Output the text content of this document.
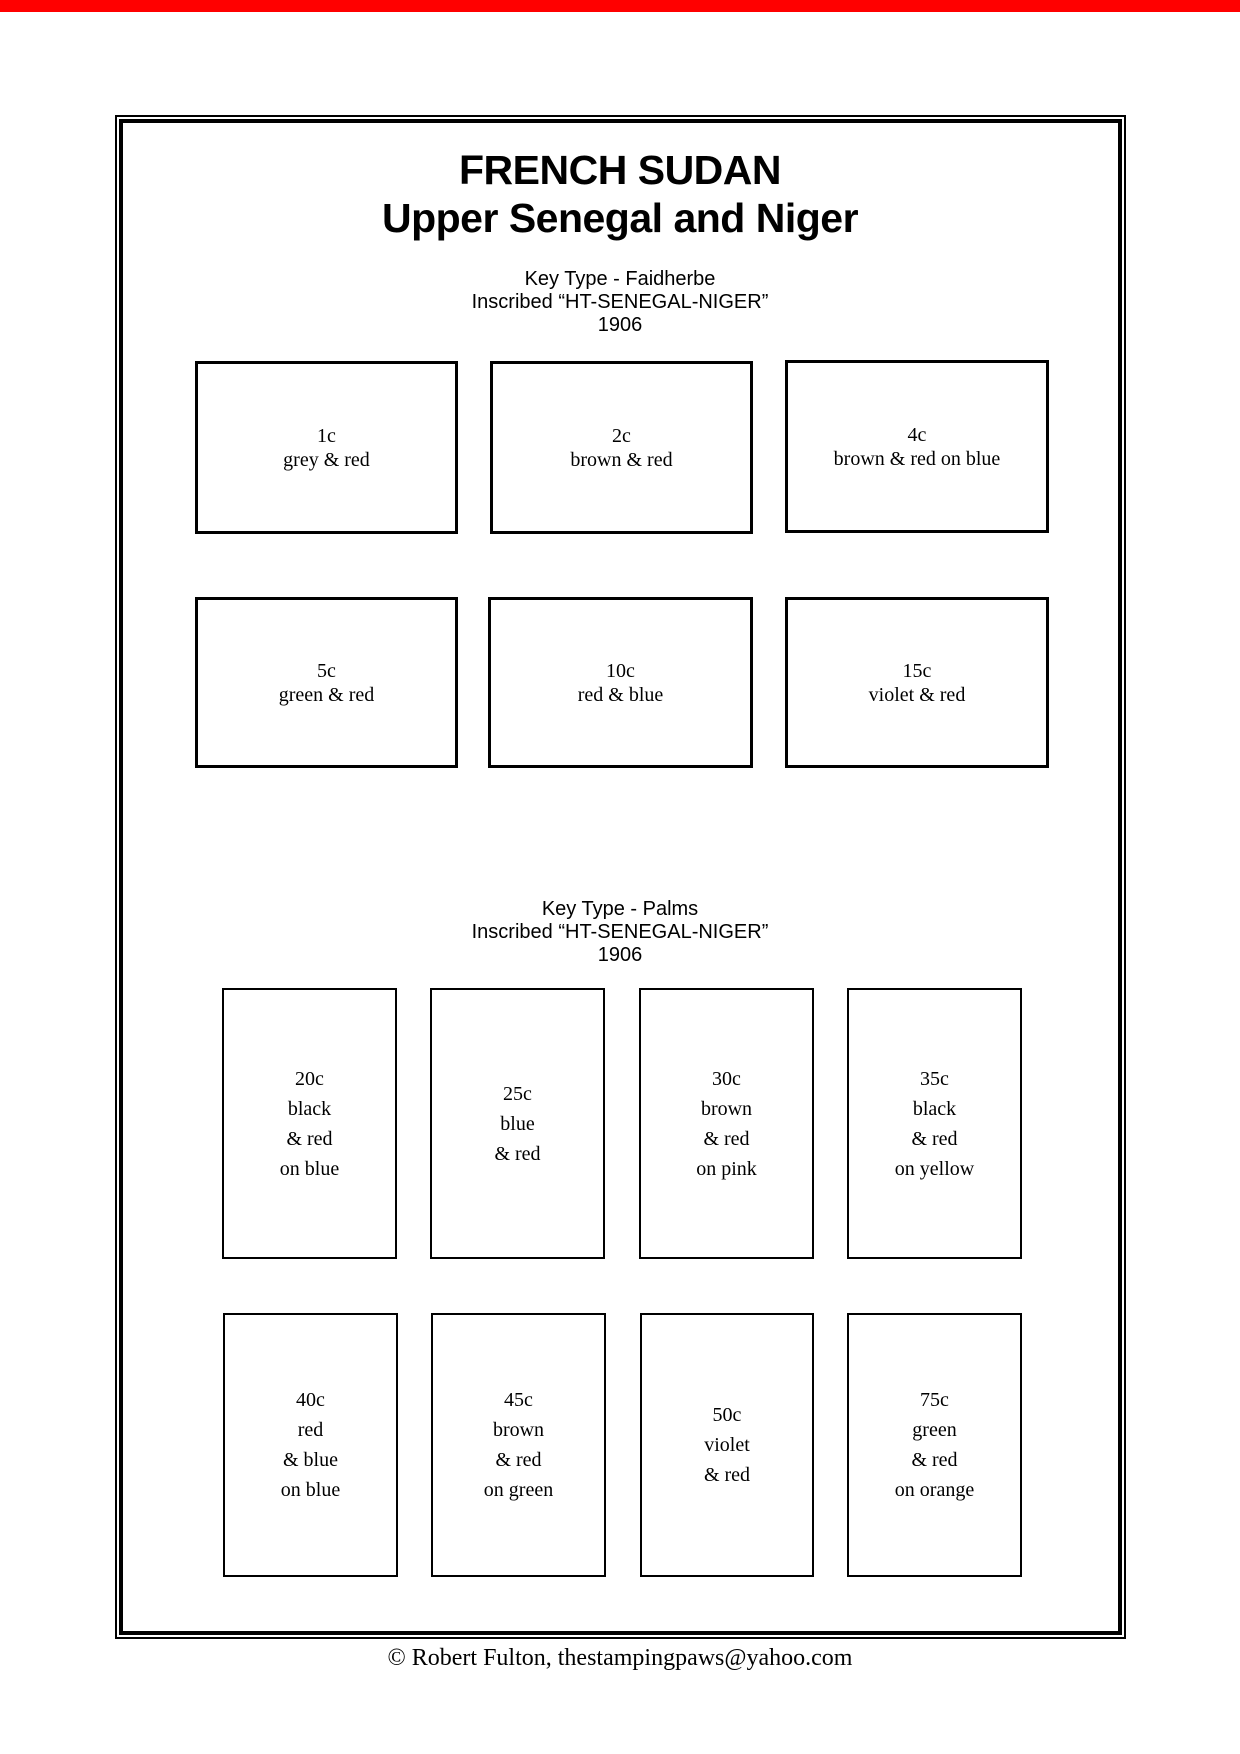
FRENCH SUDAN
Upper Senegal and Niger
Key Type - Faidherbe
Inscribed “HT-SENEGAL-NIGER”
1906
1c
grey & red
2c
brown & red
4c
brown & red on blue
5c
green & red
10c
red & blue
15c
violet & red
Key Type - Palms
Inscribed “HT-SENEGAL-NIGER”
1906
20c
black
& red
on blue
25c
blue
& red
30c
brown
& red
on pink
35c
black
& red
on yellow
40c
red
& blue
on blue
45c
brown
& red
on green
50c
violet
& red
75c
green
& red
on orange
© Robert Fulton, thestampingpaws@yahoo.com
